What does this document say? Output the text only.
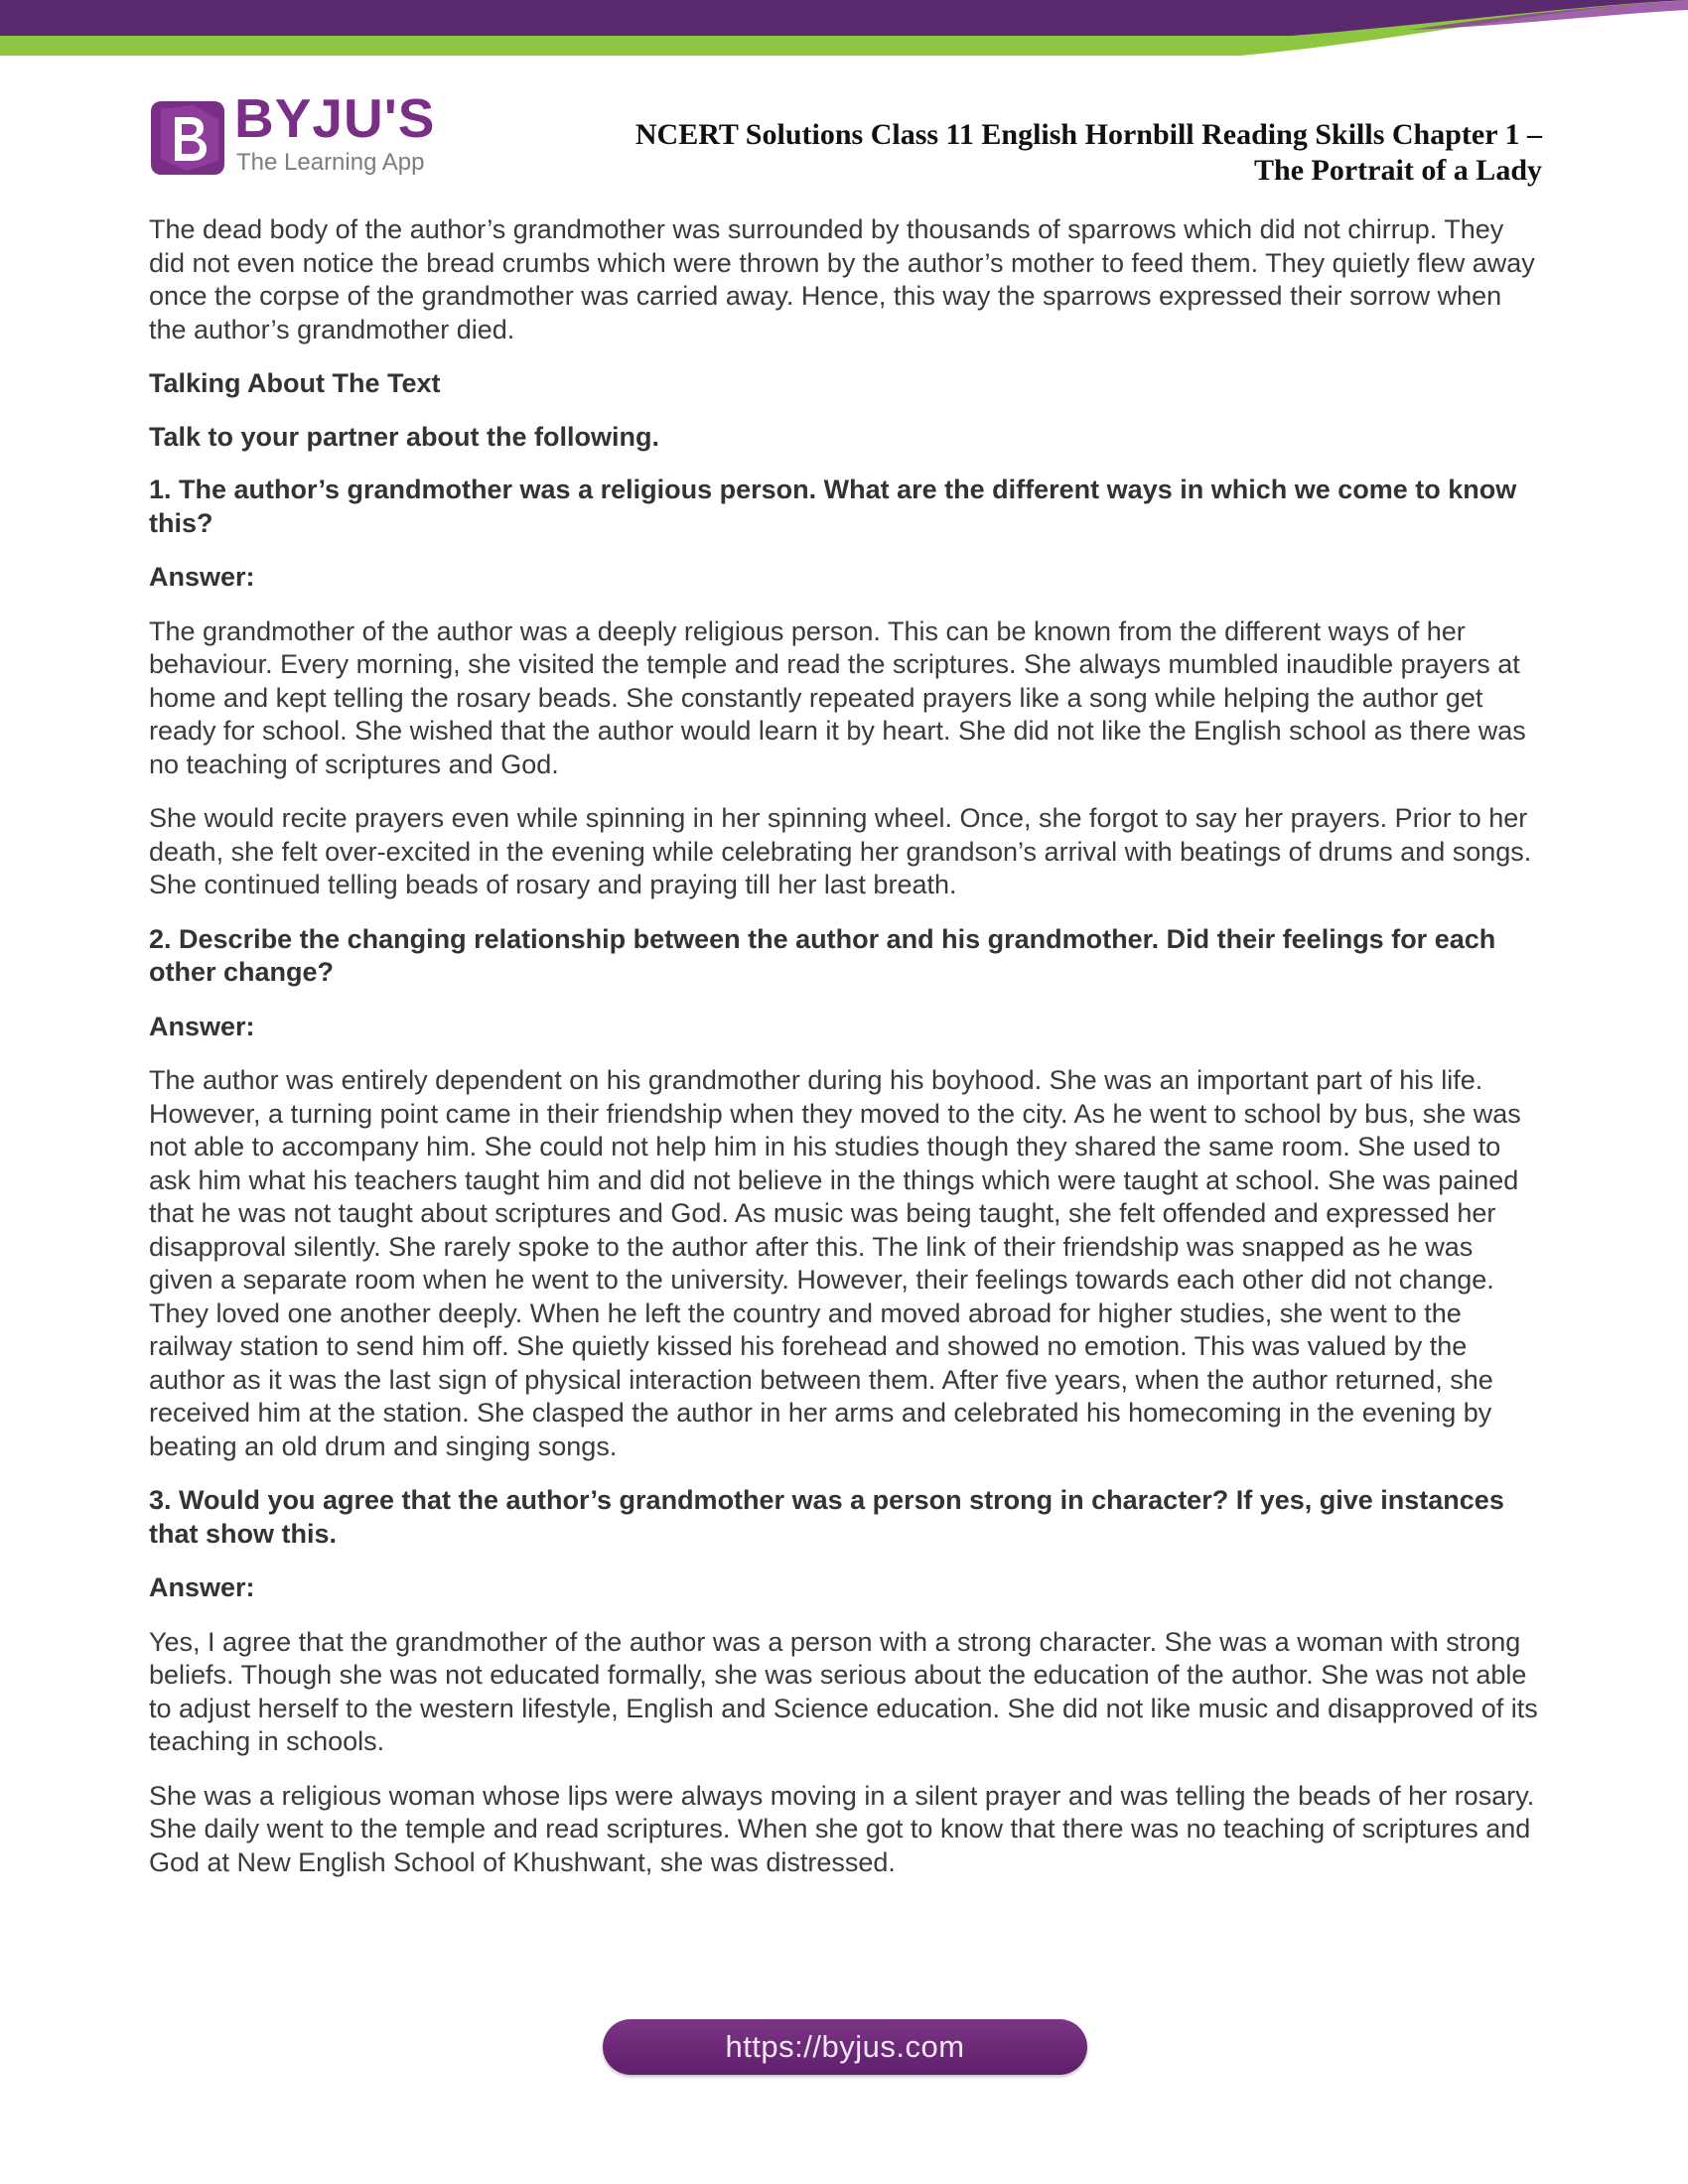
BYJU'S
The Learning App
NCERT Solutions Class 11 English Hornbill Reading Skills Chapter 1 –
The Portrait of a Lady

The dead body of the author’s grandmother was surrounded by thousands of sparrows which did not chirrup. They did not even notice the bread crumbs which were thrown by the author’s mother to feed them. They quietly flew away once the corpse of the grandmother was carried away. Hence, this way the sparrows expressed their sorrow when the author’s grandmother died.

Talking About The Text

Talk to your partner about the following.

1. The author’s grandmother was a religious person. What are the different ways in which we come to know this?

Answer:

The grandmother of the author was a deeply religious person. This can be known from the different ways of her behaviour. Every morning, she visited the temple and read the scriptures. She always mumbled inaudible prayers at home and kept telling the rosary beads. She constantly repeated prayers like a song while helping the author get ready for school. She wished that the author would learn it by heart. She did not like the English school as there was no teaching of scriptures and God.

She would recite prayers even while spinning in her spinning wheel. Once, she forgot to say her prayers. Prior to her death, she felt over-excited in the evening while celebrating her grandson’s arrival with beatings of drums and songs. She continued telling beads of rosary and praying till her last breath.

2. Describe the changing relationship between the author and his grandmother. Did their feelings for each other change?

Answer:

The author was entirely dependent on his grandmother during his boyhood. She was an important part of his life. However, a turning point came in their friendship when they moved to the city. As he went to school by bus, she was not able to accompany him. She could not help him in his studies though they shared the same room. She used to ask him what his teachers taught him and did not believe in the things which were taught at school. She was pained that he was not taught about scriptures and God. As music was being taught, she felt offended and expressed her disapproval silently. She rarely spoke to the author after this. The link of their friendship was snapped as he was given a separate room when he went to the university. However, their feelings towards each other did not change. They loved one another deeply. When he left the country and moved abroad for higher studies, she went to the railway station to send him off. She quietly kissed his forehead and showed no emotion. This was valued by the author as it was the last sign of physical interaction between them. After five years, when the author returned, she received him at the station. She clasped the author in her arms and celebrated his homecoming in the evening by beating an old drum and singing songs.

3. Would you agree that the author’s grandmother was a person strong in character? If yes, give instances that show this.

Answer:

Yes, I agree that the grandmother of the author was a person with a strong character. She was a woman with strong beliefs. Though she was not educated formally, she was serious about the education of the author. She was not able to adjust herself to the western lifestyle, English and Science education. She did not like music and disapproved of its teaching in schools.

She was a religious woman whose lips were always moving in a silent prayer and was telling the beads of her rosary. She daily went to the temple and read scriptures. When she got to know that there was no teaching of scriptures and God at New English School of Khushwant, she was distressed.

https://byjus.com
